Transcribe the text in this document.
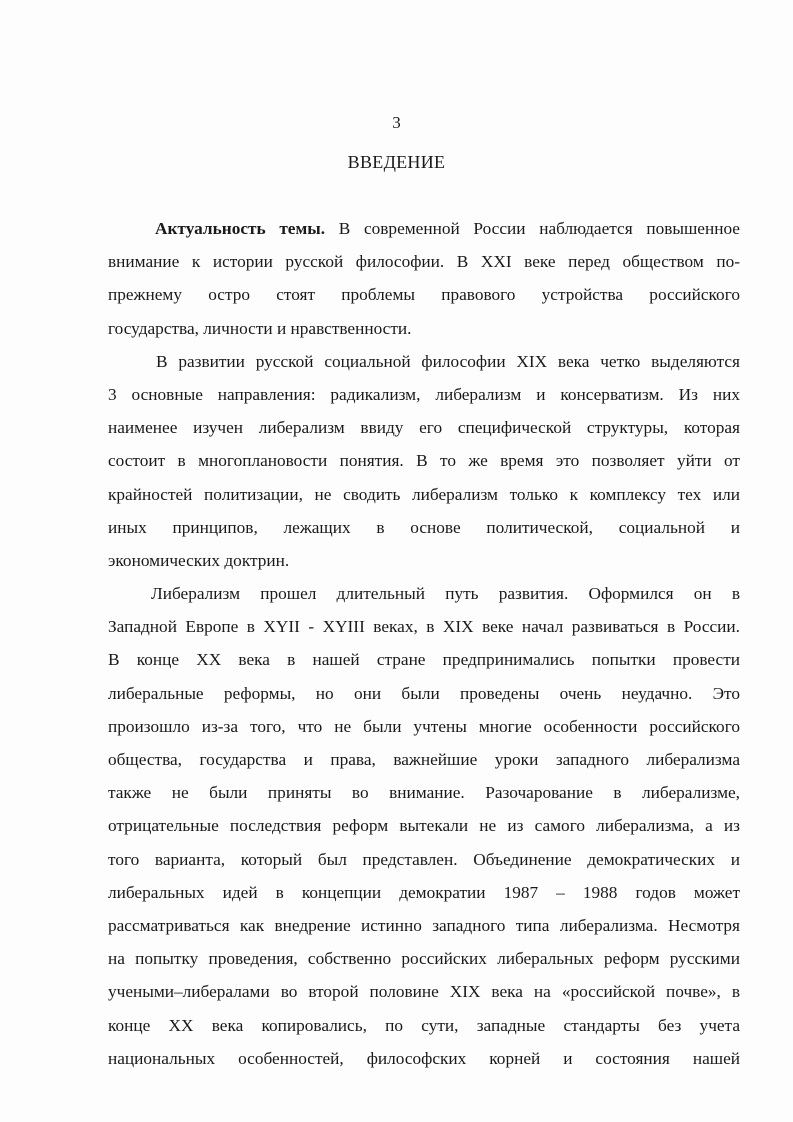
3
ВВЕДЕНИЕ
Актуальность темы. В современной России наблюдается повышенное
внимание к истории русской философии. В XXI веке перед обществом по-
прежнему остро стоят проблемы правового устройства российского
государства, личности и нравственности.
В развитии русской социальной философии XIX века четко выделяются
3 основные направления: радикализм, либерализм и консерватизм. Из них
наименее изучен либерализм ввиду его специфической структуры, которая
состоит в многоплановости понятия. В то же время это позволяет уйти от
крайностей политизации, не сводить либерализм только к комплексу тех или
иных принципов, лежащих в основе политической, социальной и
экономических доктрин.
Либерализм прошел длительный путь развития. Оформился он в
Западной Европе в XYII - XYIII веках, в XIX веке начал развиваться в России.
В конце XX века в нашей стране предпринимались попытки провести
либеральные реформы, но они были проведены очень неудачно. Это
произошло из-за того, что не были учтены многие особенности российского
общества, государства и права, важнейшие уроки западного либерализма
также не были приняты во внимание. Разочарование в либерализме,
отрицательные последствия реформ вытекали не из самого либерализма, а из
того варианта, который был представлен. Объединение демократических и
либеральных идей в концепции демократии 1987 – 1988 годов может
рассматриваться как внедрение истинно западного типа либерализма. Несмотря
на попытку проведения, собственно российских либеральных реформ русскими
учеными–либералами во второй половине XIX века на «российской почве», в
конце XX века копировались, по сути, западные стандарты без учета
национальных особенностей, философских корней и состояния нашей
